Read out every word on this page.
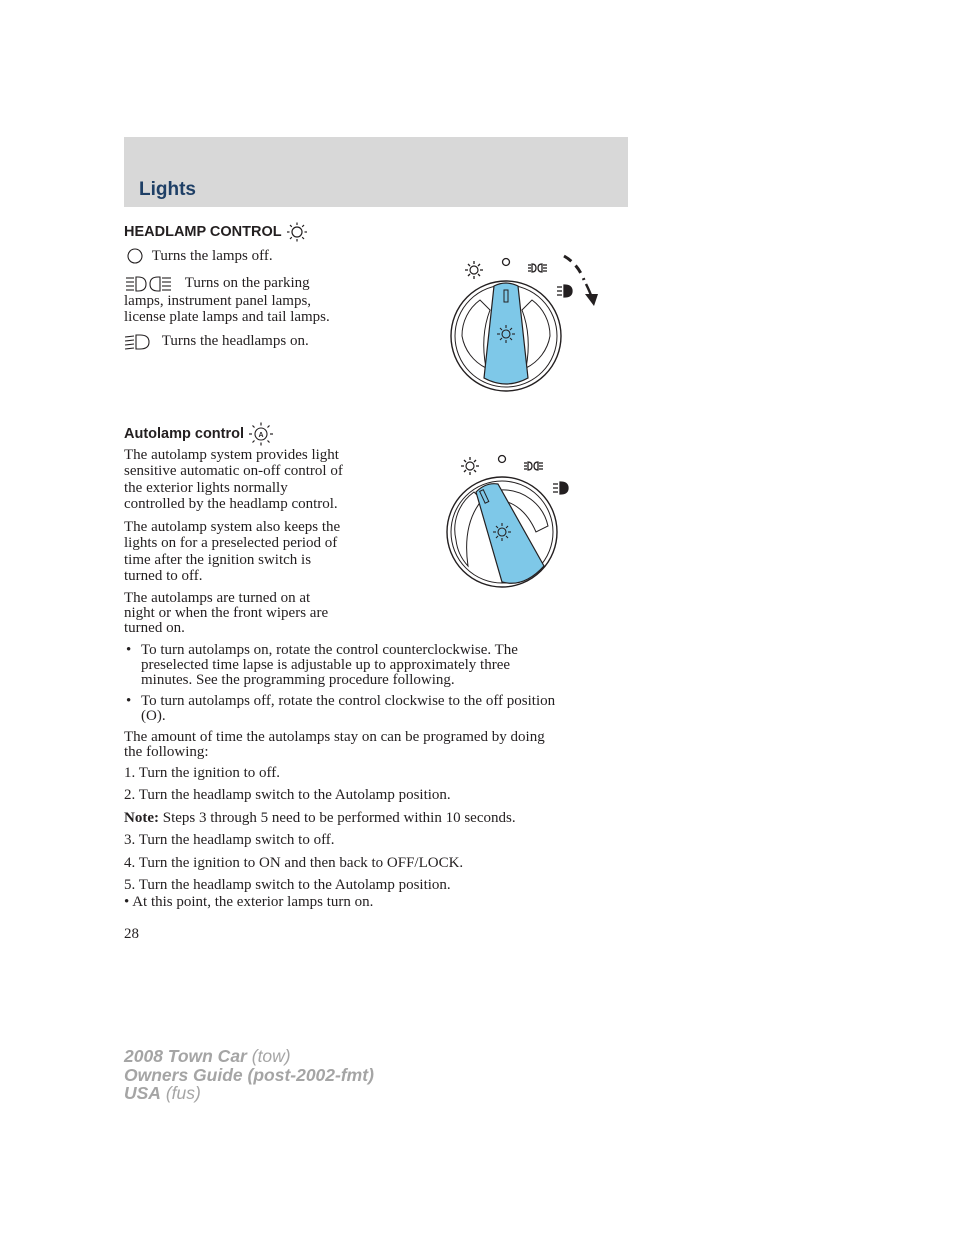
Lights
HEADLAMP CONTROL
Turns the lamps off.

Turns on the parking

lamps, instrument panel lamps,

license plate lamps and tail lamps.

Turns the headlamps on.
Autolamp control A

The autolamp system provides light

sensitive automatic on-off control of

the exterior lights normally

controlled by the headlamp control.

The autolamp system also keeps the

lights on for a preselected period of

time after the ignition switch is

turned to off.

The autolamps are turned on at

night or when the front wipers are

turned on.

• To turn autolamps on, rotate the control counterclockwise. The
preselected time lapse is adjustable up to approximately three
minutes. See the programming procedure following.
• To turn autolamps off, rotate the control clockwise to the off position
(O).

The amount of time the autolamps stay on can be programed by doing

the following:

1. Turn the ignition to off.
2. Turn the headlamp switch to the Autolamp position.
Note: Steps 3 through 5 need to be performed within 10 seconds.
3. Turn the headlamp switch to off.
4. Turn the ignition to ON and then back to OFF/LOCK.
5. Turn the headlamp switch to the Autolamp position.
• At this point, the exterior lamps turn on.
28
2008 Town Car (tow)
Owners Guide (post-2002-fmt)
USA (fus)
